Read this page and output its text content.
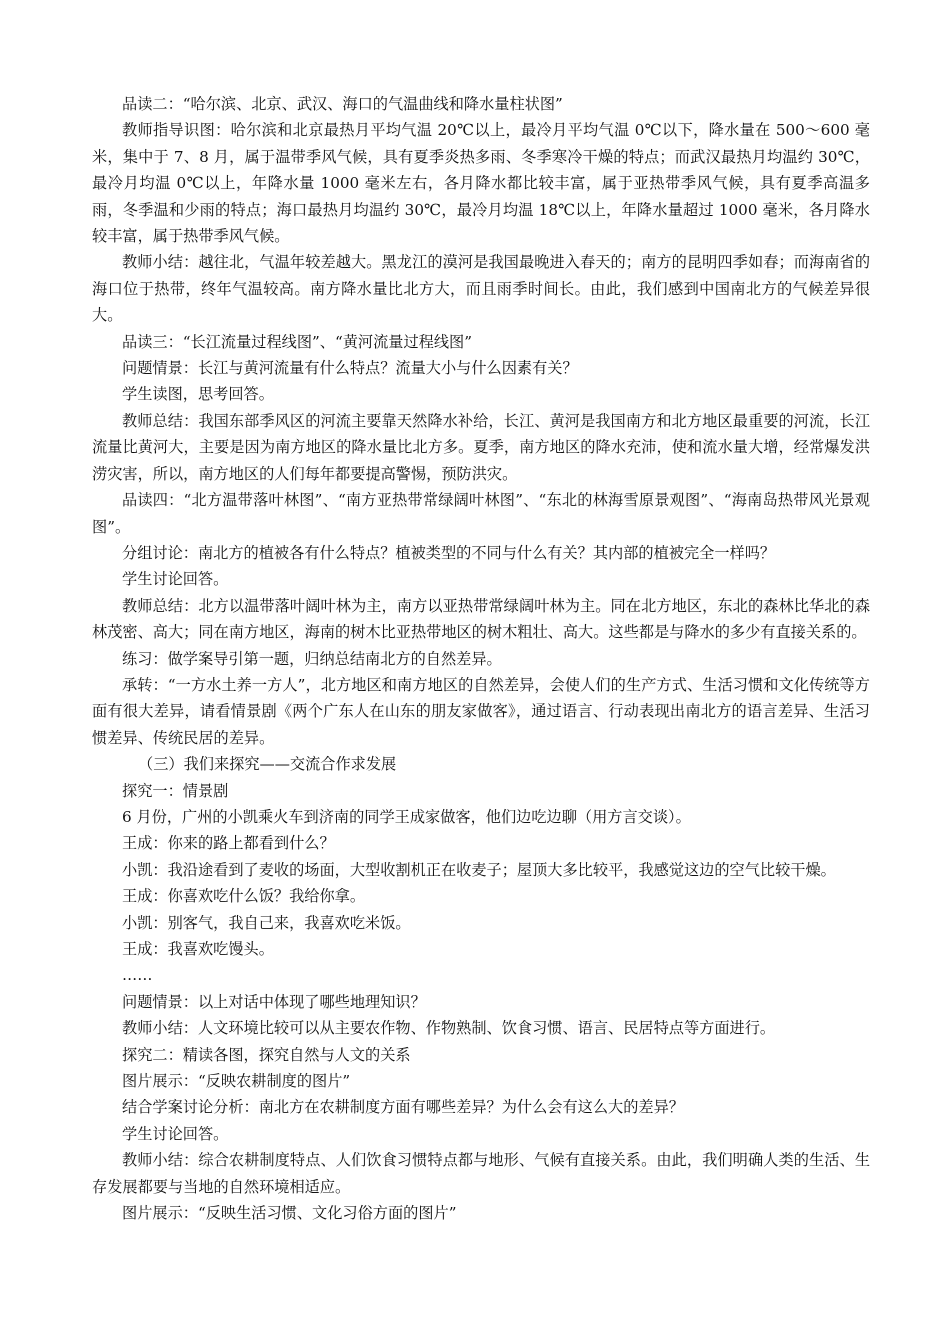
品读二：“哈尔滨、北京、武汉、海口的气温曲线和降水量柱状图”

教师指导识图：哈尔滨和北京最热月平均气温 20℃以上，最冷月平均气温 0℃以下，降水量在 500～600 毫米，集中于 7、8 月，属于温带季风气候，具有夏季炎热多雨、冬季寒冷干燥的特点；而武汉最热月均温约 30℃，最冷月均温 0℃以上，年降水量 1000 毫米左右，各月降水都比较丰富，属于亚热带季风气候，具有夏季高温多雨，冬季温和少雨的特点；海口最热月均温约 30℃，最冷月均温 18℃以上，年降水量超过 1000 毫米，各月降水较丰富，属于热带季风气候。

教师小结：越往北，气温年较差越大。黑龙江的漠河是我国最晚进入春天的；南方的昆明四季如春；而海南省的海口位于热带，终年气温较高。南方降水量比北方大，而且雨季时间长。由此，我们感到中国南北方的气候差异很大。

品读三：“长江流量过程线图”、“黄河流量过程线图”

问题情景：长江与黄河流量有什么特点？流量大小与什么因素有关？

学生读图，思考回答。

教师总结：我国东部季风区的河流主要靠天然降水补给，长江、黄河是我国南方和北方地区最重要的河流，长江流量比黄河大，主要是因为南方地区的降水量比北方多。夏季，南方地区的降水充沛，使和流水量大增，经常爆发洪涝灾害，所以，南方地区的人们每年都要提高警惕，预防洪灾。

品读四：“北方温带落叶林图”、“南方亚热带常绿阔叶林图”、“东北的林海雪原景观图”、“海南岛热带风光景观图”。

分组讨论：南北方的植被各有什么特点？植被类型的不同与什么有关？其内部的植被完全一样吗？

学生讨论回答。

教师总结：北方以温带落叶阔叶林为主，南方以亚热带常绿阔叶林为主。同在北方地区，东北的森林比华北的森林茂密、高大；同在南方地区，海南的树木比亚热带地区的树木粗壮、高大。这些都是与降水的多少有直接关系的。

练习：做学案导引第一题，归纳总结南北方的自然差异。

承转：“一方水土养一方人”，北方地区和南方地区的自然差异，会使人们的生产方式、生活习惯和文化传统等方面有很大差异，请看情景剧《两个广东人在山东的朋友家做客》，通过语言、行动表现出南北方的语言差异、生活习惯差异、传统民居的差异。

（三）我们来探究——交流合作求发展

探究一：情景剧

6 月份，广州的小凯乘火车到济南的同学王成家做客，他们边吃边聊（用方言交谈）。

王成：你来的路上都看到什么？

小凯：我沿途看到了麦收的场面，大型收割机正在收麦子；屋顶大多比较平，我感觉这边的空气比较干燥。

王成：你喜欢吃什么饭？我给你拿。

小凯：别客气，我自己来，我喜欢吃米饭。

王成：我喜欢吃馒头。

……

问题情景：以上对话中体现了哪些地理知识？

教师小结：人文环境比较可以从主要农作物、作物熟制、饮食习惯、语言、民居特点等方面进行。

探究二：精读各图，探究自然与人文的关系

图片展示：“反映农耕制度的图片”

结合学案讨论分析：南北方在农耕制度方面有哪些差异？为什么会有这么大的差异？

学生讨论回答。

教师小结：综合农耕制度特点、人们饮食习惯特点都与地形、气候有直接关系。由此，我们明确人类的生活、生存发展都要与当地的自然环境相适应。

图片展示：“反映生活习惯、文化习俗方面的图片”
